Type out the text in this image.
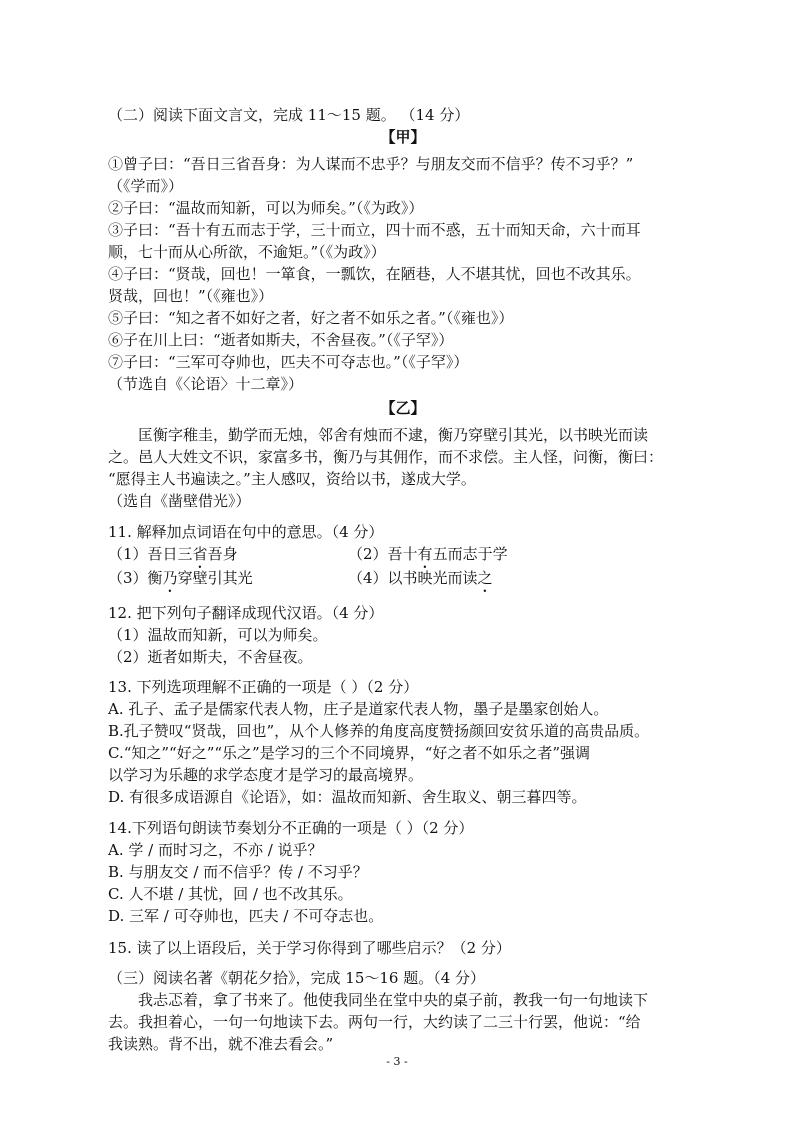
（二）阅读下面文言文，完成 11～15 题。 （14 分）
【甲】
①曾子曰：“吾日三省吾身：为人谋而不忠乎？与朋友交而不信乎？传不习乎？”
（《学而》）
②子曰：“温故而知新，可以为师矣。”（《为政》）
③子曰：“吾十有五而志于学，三十而立，四十而不惑，五十而知天命，六十而耳
顺，七十而从心所欲，不逾矩。”（《为政》）
④子曰：“贤哉，回也！一箪食，一瓢饮，在陋巷，人不堪其忧，回也不改其乐。
贤哉，回也！”（《雍也》）
⑤子曰：“知之者不如好之者，好之者不如乐之者。”（《雍也》）
⑥子在川上曰：“逝者如斯夫，不舍昼夜。”（《子罕》）
⑦子曰：“三军可夺帅也，匹夫不可夺志也。”（《子罕》）
（节选自《〈论语〉十二章》）
【乙】
匡衡字稚圭，勤学而无烛，邻舍有烛而不逮，衡乃穿壁引其光，以书映光而读
之。邑人大姓文不识，家富多书，衡乃与其佣作，而不求偿。主人怪，问衡，衡曰：
“愿得主人书遍读之。”主人感叹，资给以书，遂成大学。
（选自《凿壁借光》）
11. 解释加点词语在句中的意思。（4 分）
（1）吾日三省吾身	（2）吾十有五而志于学
（3）衡乃穿壁引其光	（4）以书映光而读之
12. 把下列句子翻译成现代汉语。（4 分）
（1）温故而知新，可以为师矣。
（2）逝者如斯夫，不舍昼夜。
13. 下列选项理解不正确的一项是（ ）（2 分）
A. 孔子、孟子是儒家代表人物，庄子是道家代表人物，墨子是墨家创始人。
B.孔子赞叹“贤哉，回也”，从个人修养的角度高度赞扬颜回安贫乐道的高贵品质。
C.“知之”“好之”“乐之”是学习的三个不同境界，“好之者不如乐之者”强调
以学习为乐趣的求学态度才是学习的最高境界。
D. 有很多成语源自《论语》，如：温故而知新、舍生取义、朝三暮四等。
14.下列语句朗读节奏划分不正确的一项是（ ）（2 分）
A. 学 / 而时习之，不亦 / 说乎？
B. 与朋友交 / 而不信乎？传 / 不习乎？
C. 人不堪 / 其忧，回 / 也不改其乐。
D. 三军 / 可夺帅也，匹夫 / 不可夺志也。
15. 读了以上语段后，关于学习你得到了哪些启示？（2 分）
（三）阅读名著《朝花夕拾》，完成 15～16 题。（4 分）
我忐忑着，拿了书来了。他使我同坐在堂中央的桌子前，教我一句一句地读下
去。我担着心，一句一句地读下去。两句一行，大约读了二三十行罢，他说：“给
我读熟。背不出，就不准去看会。”
- 3 -
